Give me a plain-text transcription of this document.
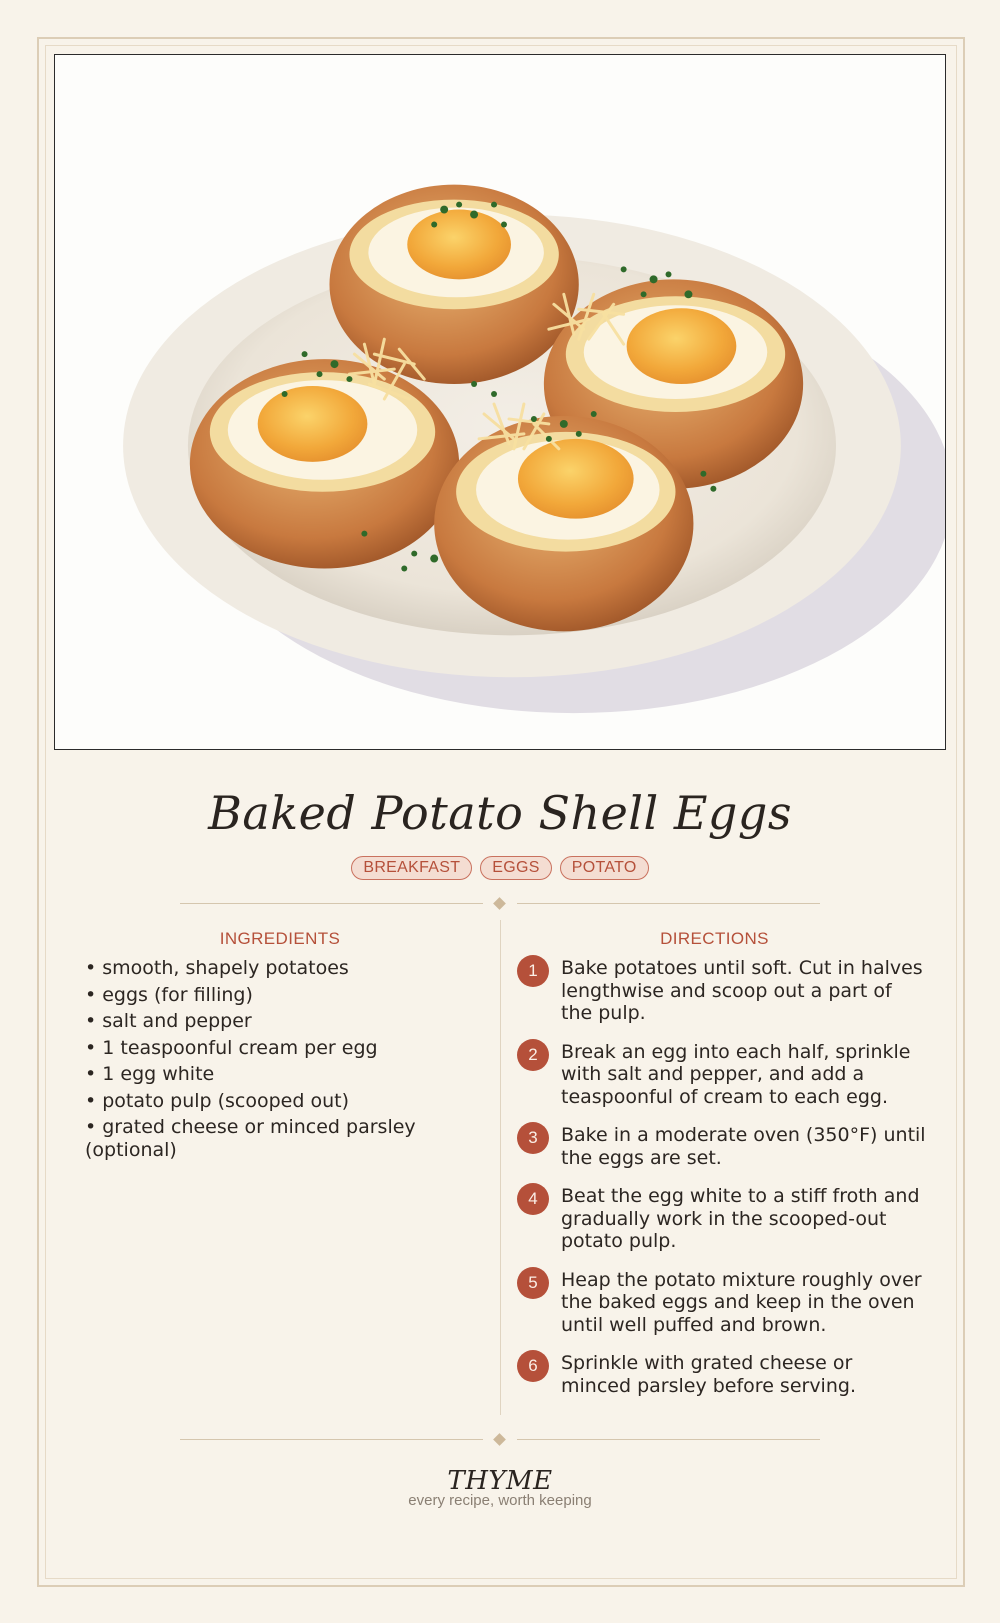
Baked Potato Shell Eggs
BREAKFAST	EGGS	POTATO
INGREDIENTS	DIRECTIONS
• smooth, shapely potatoes
• eggs (for filling)
• salt and pepper
• 1 teaspoonful cream per egg
• 1 egg white
• potato pulp (scooped out)
• grated cheese or minced parsley (optional)
1	Bake potatoes until soft. Cut in halves lengthwise and scoop out a part of the pulp.
2	Break an egg into each half, sprinkle with salt and pepper, and add a teaspoonful of cream to each egg.
3	Bake in a moderate oven (350°F) until the eggs are set.
4	Beat the egg white to a stiff froth and gradually work in the scooped-out potato pulp.
5	Heap the potato mixture roughly over the baked eggs and keep in the oven until well puffed and brown.
6	Sprinkle with grated cheese or minced parsley before serving.
THYME
every recipe, worth keeping
